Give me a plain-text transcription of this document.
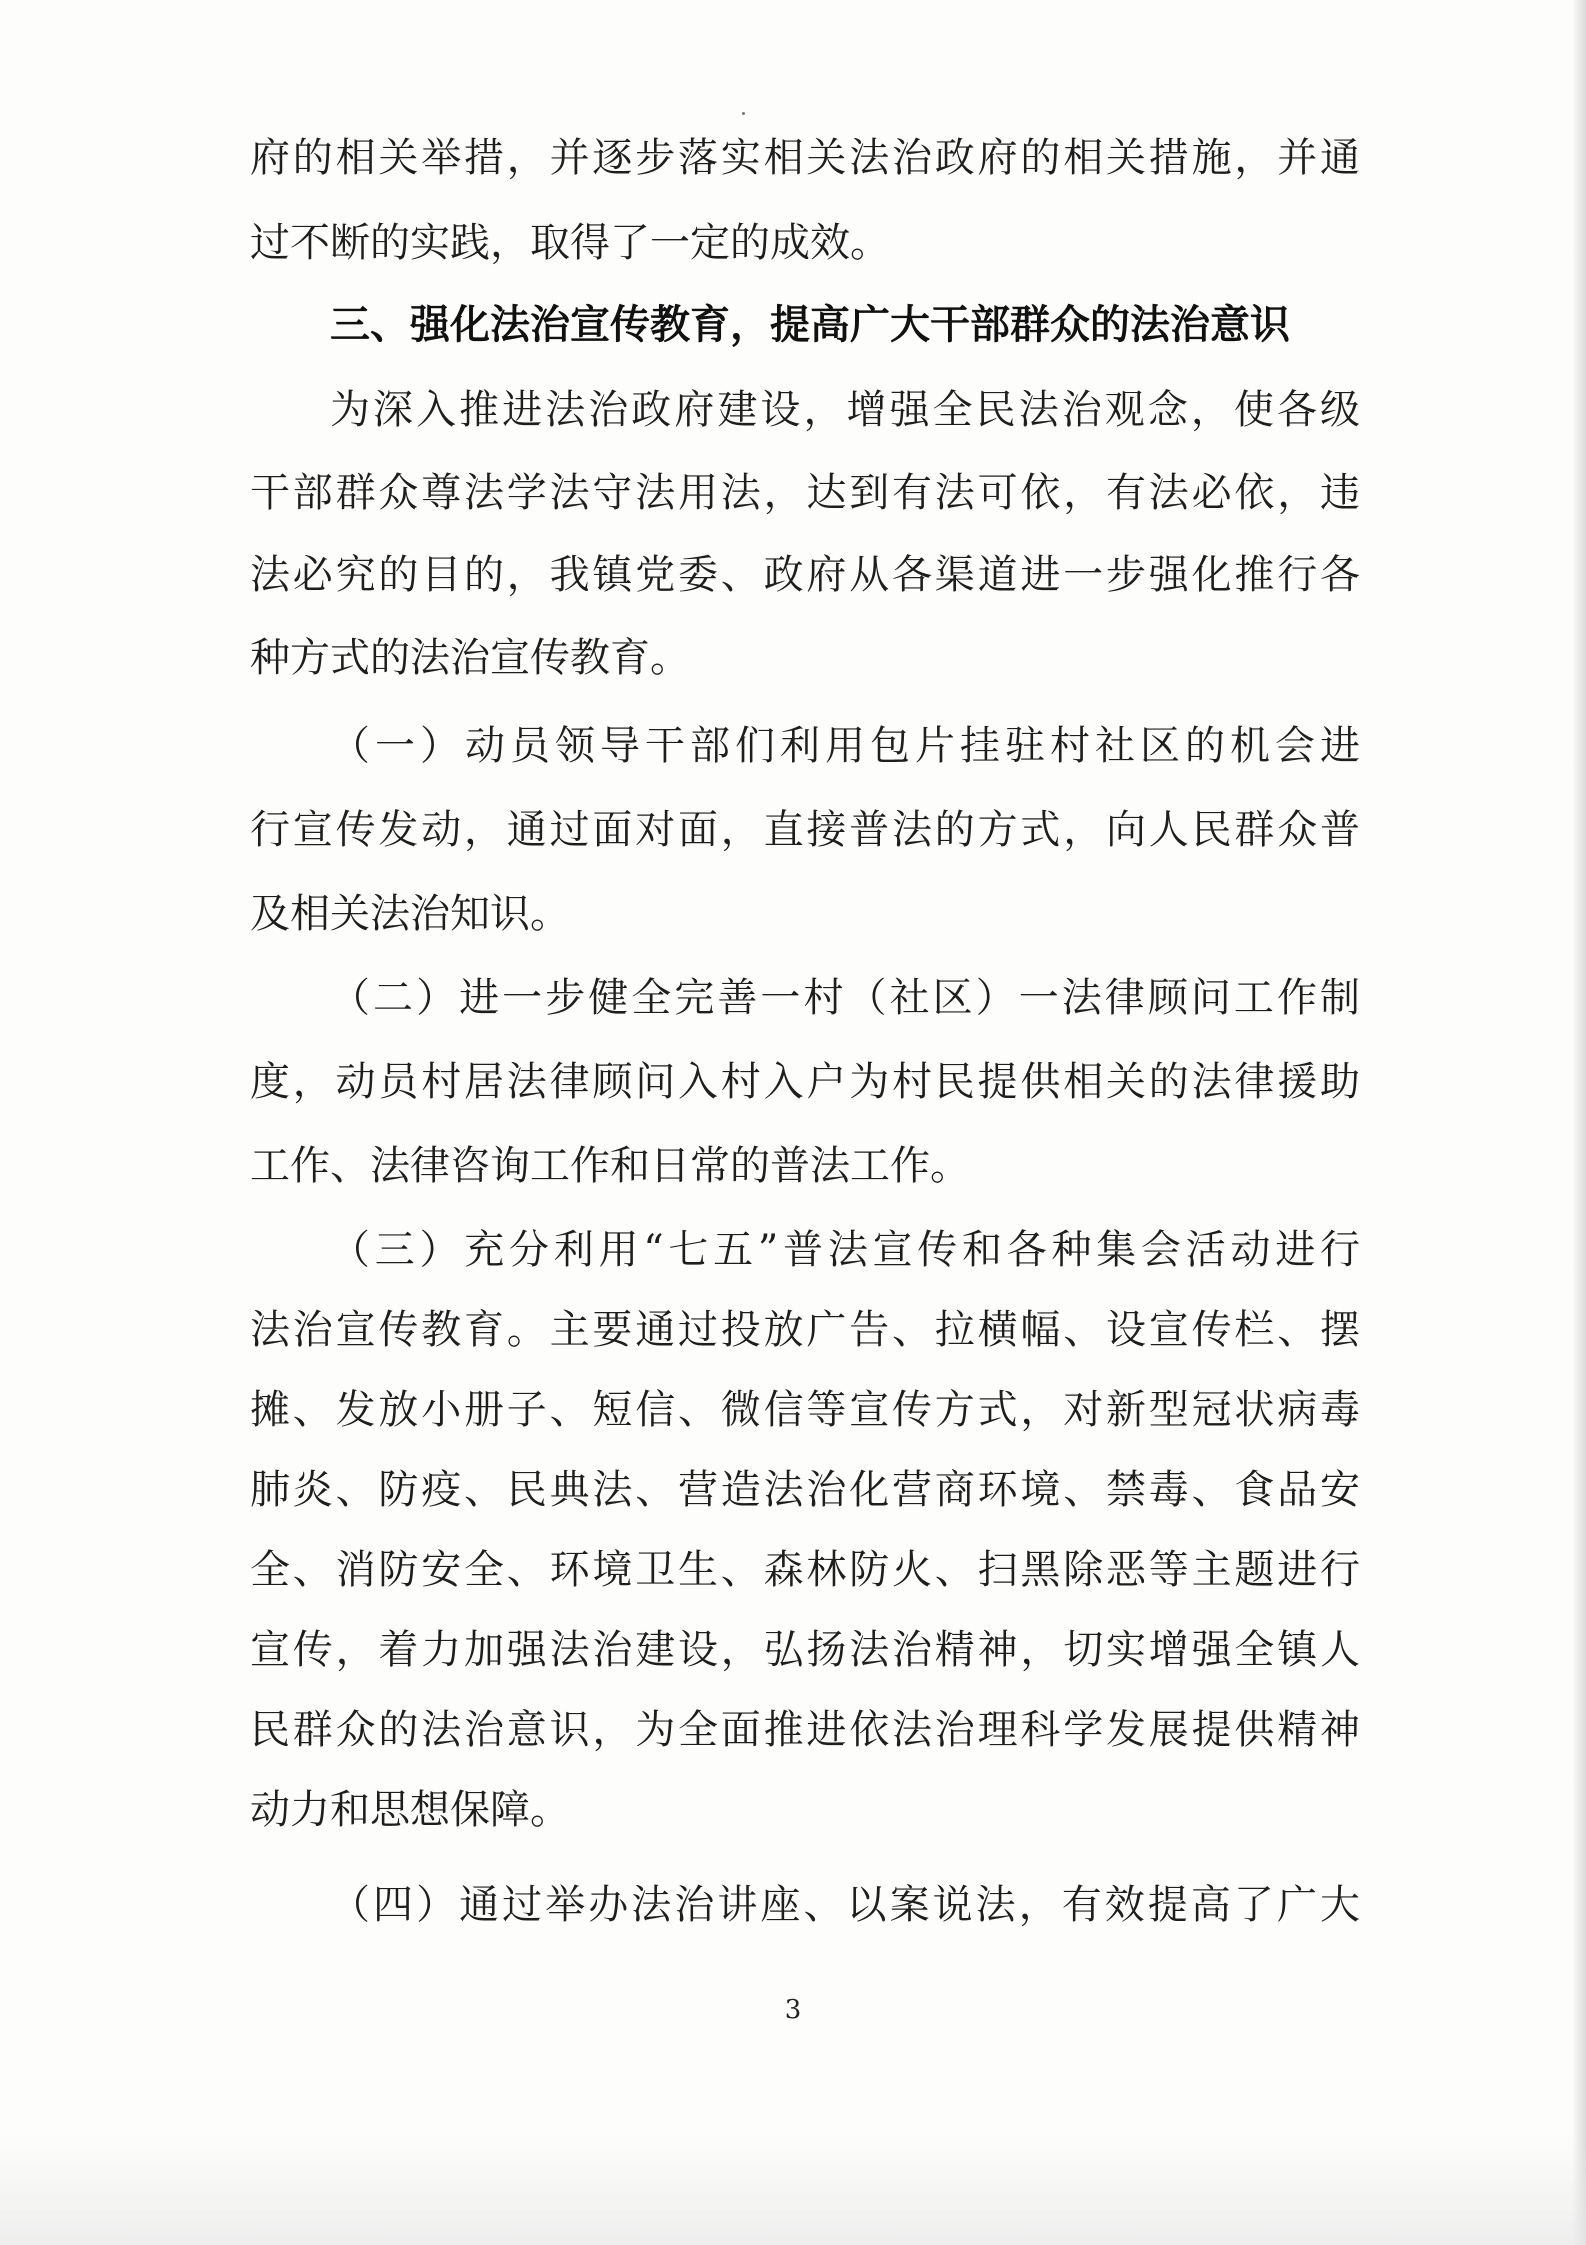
府的相关举措，并逐步落实相关法治政府的相关措施，并通
过不断的实践，取得了一定的成效。
三、强化法治宣传教育，提高广大干部群众的法治意识
为深入推进法治政府建设，增强全民法治观念，使各级
干部群众尊法学法守法用法，达到有法可依，有法必依，违
法必究的目的，我镇党委、政府从各渠道进一步强化推行各
种方式的法治宣传教育。
（一）动员领导干部们利用包片挂驻村社区的机会进
行宣传发动，通过面对面，直接普法的方式，向人民群众普
及相关法治知识。
（二）进一步健全完善一村（社区）一法律顾问工作制
度，动员村居法律顾问入村入户为村民提供相关的法律援助
工作、法律咨询工作和日常的普法工作。
（三）充分利用“七五”普法宣传和各种集会活动进行
法治宣传教育。主要通过投放广告、拉横幅、设宣传栏、摆
摊、发放小册子、短信、微信等宣传方式，对新型冠状病毒
肺炎、防疫、民典法、营造法治化营商环境、禁毒、食品安
全、消防安全、环境卫生、森林防火、扫黑除恶等主题进行
宣传，着力加强法治建设，弘扬法治精神，切实增强全镇人
民群众的法治意识，为全面推进依法治理科学发展提供精神
动力和思想保障。
（四）通过举办法治讲座、以案说法，有效提高了广大
3
